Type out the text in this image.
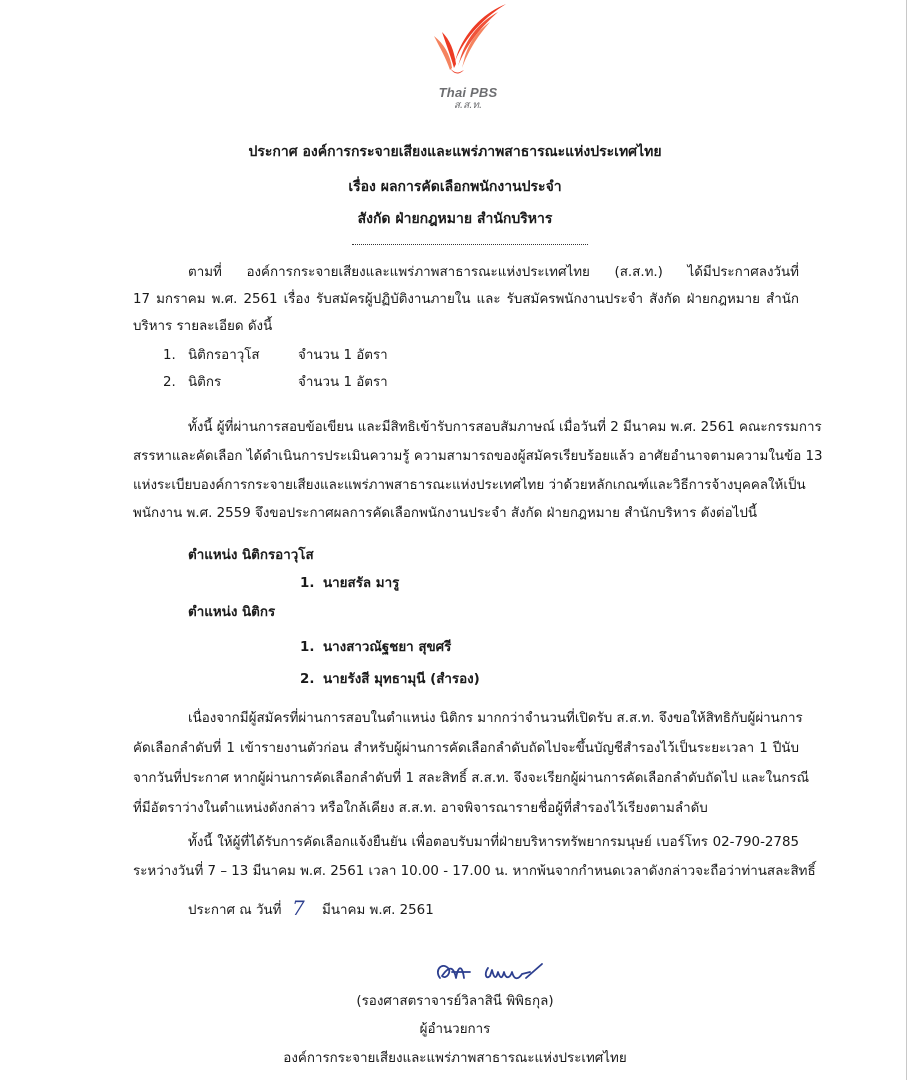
Thai PBS
ส.ส.ท.
ประกาศ องค์การกระจายเสียงและแพร่ภาพสาธารณะแห่งประเทศไทย
เรื่อง ผลการคัดเลือกพนักงานประจำ
สังกัด ฝ่ายกฎหมาย สำนักบริหาร
ตามที่ องค์การกระจายเสียงและแพร่ภาพสาธารณะแห่งประเทศไทย (ส.ส.ท.) ได้มีประกาศลงวันที่
17 มกราคม พ.ศ. 2561 เรื่อง รับสมัครผู้ปฏิบัติงานภายใน และ รับสมัครพนักงานประจำ สังกัด ฝ่ายกฎหมาย สำนัก
บริหาร รายละเอียด ดังนี้
1. นิติกรอาวุโส	จำนวน 1 อัตรา
2. นิติกร	จำนวน 1 อัตรา
ทั้งนี้ ผู้ที่ผ่านการสอบข้อเขียน และมีสิทธิเข้ารับการสอบสัมภาษณ์ เมื่อวันที่ 2 มีนาคม พ.ศ. 2561 คณะกรรมการ
สรรหาและคัดเลือก ได้ดำเนินการประเมินความรู้ ความสามารถของผู้สมัครเรียบร้อยแล้ว อาศัยอำนาจตามความในข้อ 13
แห่งระเบียบองค์การกระจายเสียงและแพร่ภาพสาธารณะแห่งประเทศไทย ว่าด้วยหลักเกณฑ์และวิธีการจ้างบุคคลให้เป็น
พนักงาน พ.ศ. 2559 จึงขอประกาศผลการคัดเลือกพนักงานประจำ สังกัด ฝ่ายกฎหมาย สำนักบริหาร ดังต่อไปนี้
ตำแหน่ง นิติกรอาวุโส
1. นายสรัล มารู
ตำแหน่ง นิติกร
1. นางสาวณัฐชยา สุขศรี
2. นายรังสี มุทธามุนี (สำรอง)
เนื่องจากมีผู้สมัครที่ผ่านการสอบในตำแหน่ง นิติกร มากกว่าจำนวนที่เปิดรับ ส.ส.ท. จึงขอให้สิทธิกับผู้ผ่านการ
คัดเลือกลำดับที่ 1 เข้ารายงานตัวก่อน สำหรับผู้ผ่านการคัดเลือกลำดับถัดไปจะขึ้นบัญชีสำรองไว้เป็นระยะเวลา 1 ปีนับ
จากวันที่ประกาศ หากผู้ผ่านการคัดเลือกลำดับที่ 1 สละสิทธิ์ ส.ส.ท. จึงจะเรียกผู้ผ่านการคัดเลือกลำดับถัดไป และในกรณี
ที่มีอัตราว่างในตำแหน่งดังกล่าว หรือใกล้เคียง ส.ส.ท. อาจพิจารณารายชื่อผู้ที่สำรองไว้เรียงตามลำดับ
ทั้งนี้ ให้ผู้ที่ได้รับการคัดเลือกแจ้งยืนยัน เพื่อตอบรับมาที่ฝ่ายบริหารทรัพยากรมนุษย์ เบอร์โทร 02-790-2785
ระหว่างวันที่ 7 – 13 มีนาคม พ.ศ. 2561 เวลา 10.00 - 17.00 น. หากพ้นจากกำหนดเวลาดังกล่าวจะถือว่าท่านสละสิทธิ์
ประกาศ ณ วันที่ 7 มีนาคม พ.ศ. 2561
(รองศาสตราจารย์วิลาสินี พิพิธกุล)
ผู้อำนวยการ
องค์การกระจายเสียงและแพร่ภาพสาธารณะแห่งประเทศไทย
